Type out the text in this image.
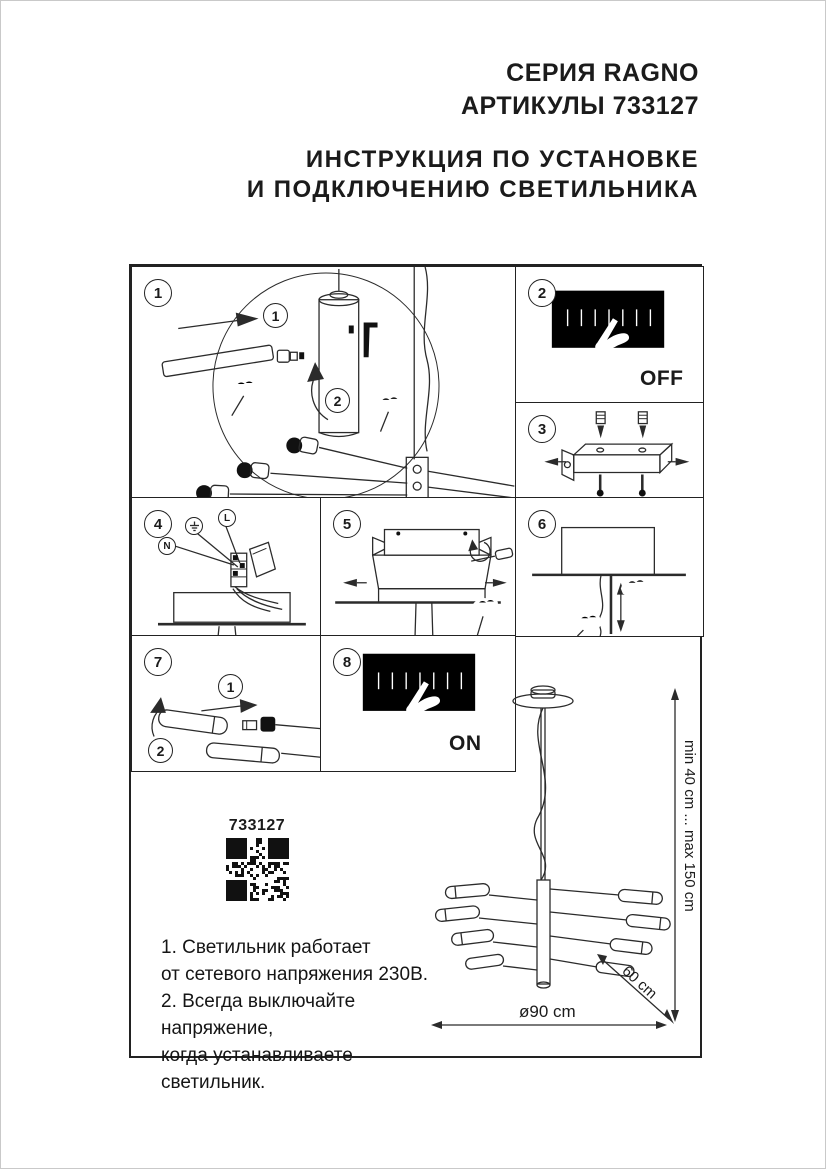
СЕРИЯ RAGNO
АРТИКУЛЫ 733127
ИНСТРУКЦИЯ ПО УСТАНОВКЕ
И ПОДКЛЮЧЕНИЮ СВЕТИЛЬНИКА
1
1
2
2
OFF
3
4	L
N
5	6
7
1
2
8
ON
733127
1. Светильник работает
от сетевого напряжения 230В.
2. Всегда выключайте напряжение,
когда устанавливаете светильник.
min 40 cm ... max 150 cm
60 cm
ø90 cm
